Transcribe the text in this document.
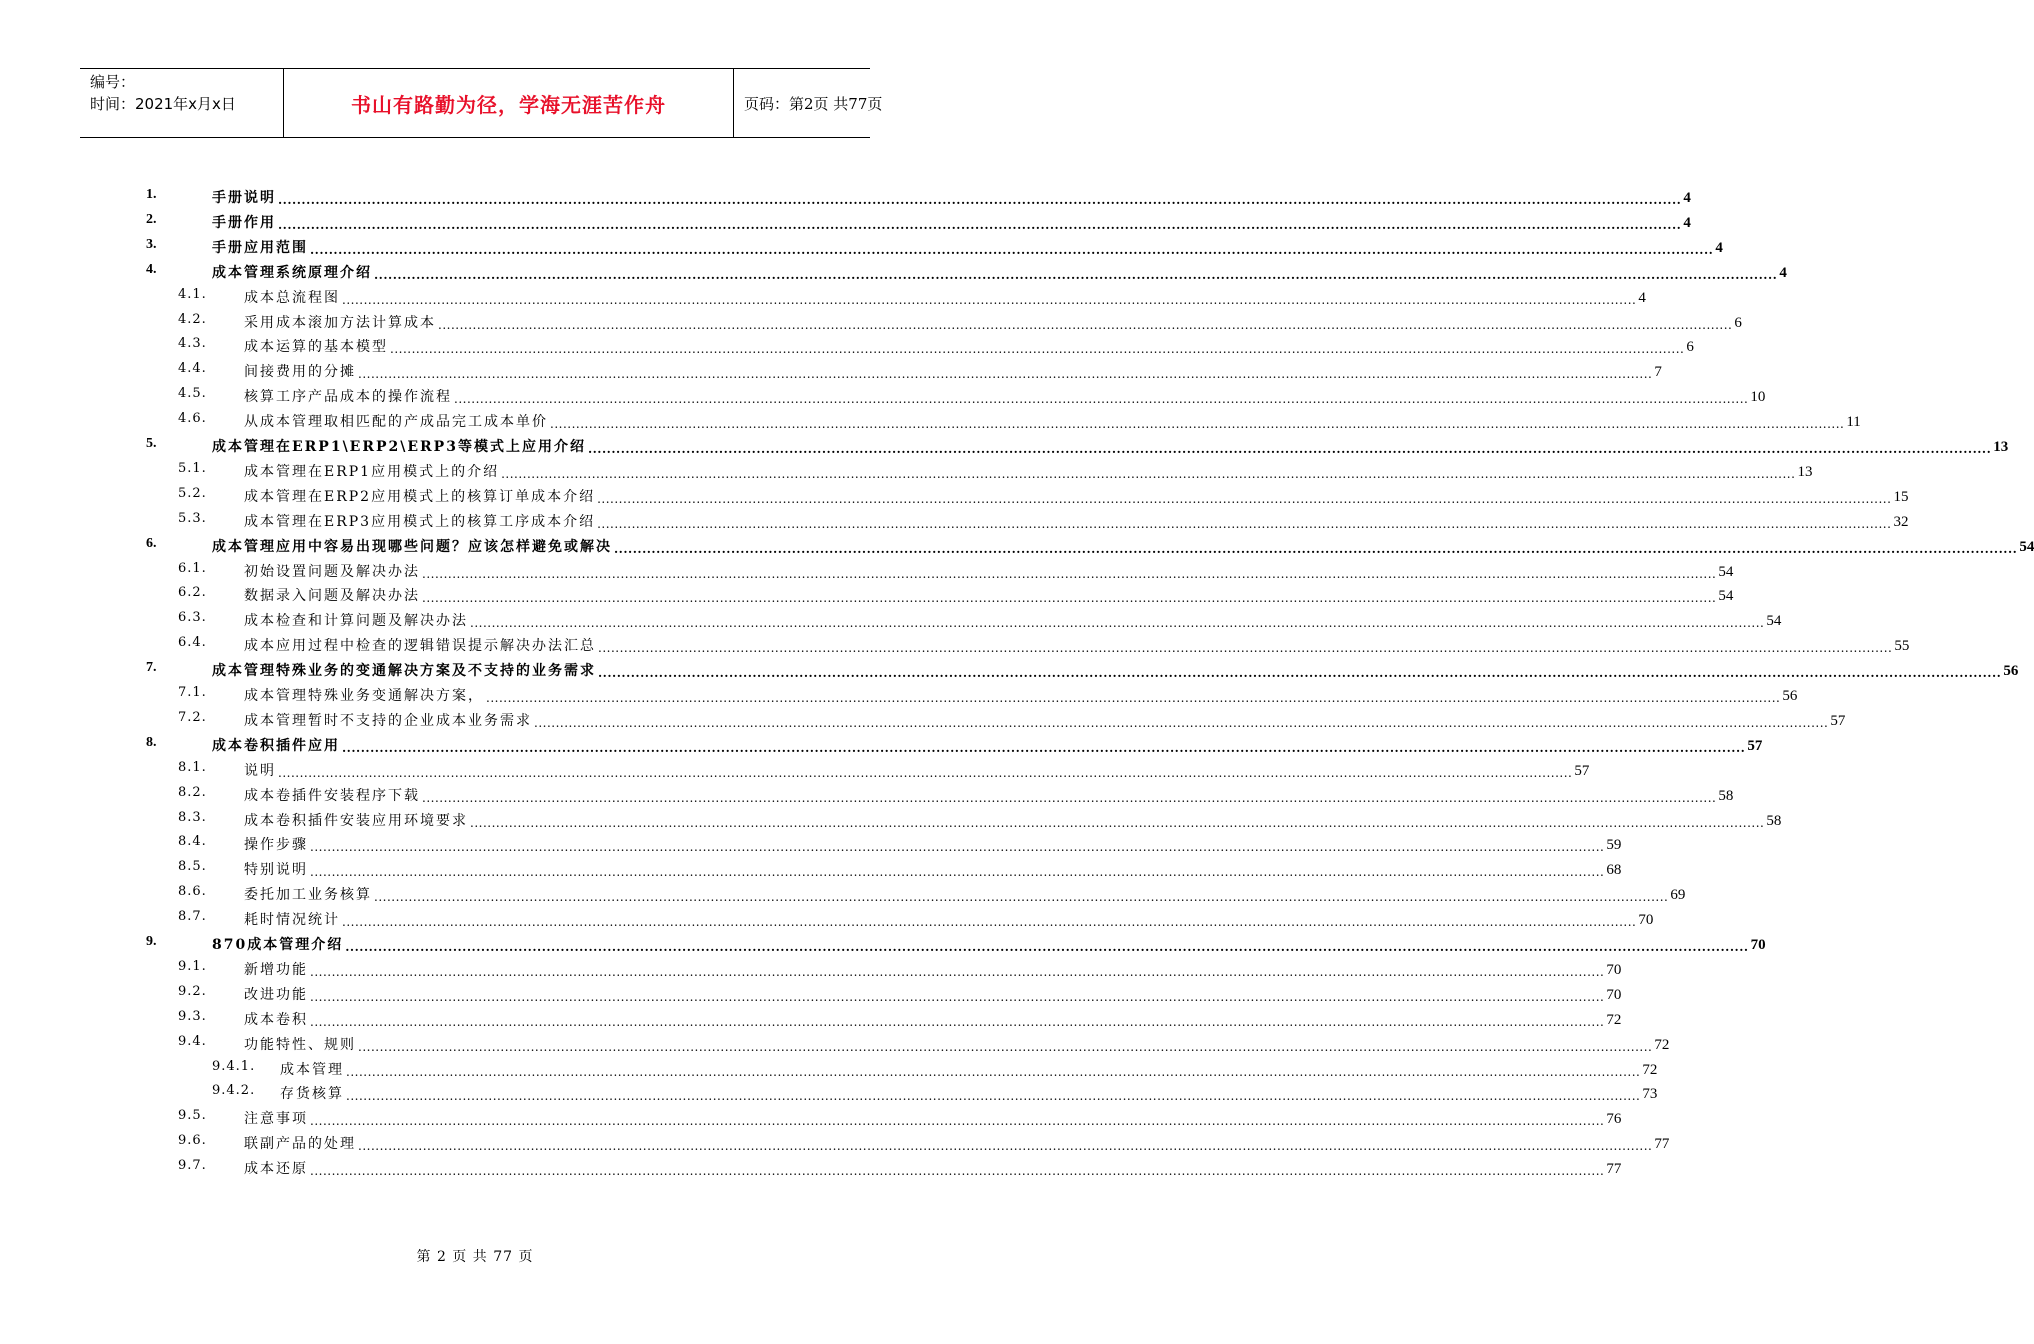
编号：
时间：2021年x月x日	书山有路勤为径，学海无涯苦作舟	页码：第2页 共77页
1.	手册说明 ............................................................................................................................................................................................................................................................................................................ 4
2.	手册作用 ............................................................................................................................................................................................................................................................................................................ 4
3.	手册应用范围 ............................................................................................................................................................................................................................................................................................................ 4
4.	成本管理系统原理介绍 ............................................................................................................................................................................................................................................................................................................ 4
4.1.	成本总流程图 ............................................................................................................................................................................................................................................................................................................ 4
4.2.	采用成本滚加方法计算成本 ............................................................................................................................................................................................................................................................................................................ 6
4.3.	成本运算的基本模型 ............................................................................................................................................................................................................................................................................................................ 6
4.4.	间接费用的分摊 ............................................................................................................................................................................................................................................................................................................ 7
4.5.	核算工序产品成本的操作流程 ............................................................................................................................................................................................................................................................................................................ 10
4.6.	从成本管理取相匹配的产成品完工成本单价 ............................................................................................................................................................................................................................................................................................................ 11
5.	成本管理在ERP1\ERP2\ERP3等模式上应用介绍 ............................................................................................................................................................................................................................................................................................................ 13
5.1.	成本管理在ERP1应用模式上的介绍 ............................................................................................................................................................................................................................................................................................................ 13
5.2.	成本管理在ERP2应用模式上的核算订单成本介绍 ............................................................................................................................................................................................................................................................................................................ 15
5.3.	成本管理在ERP3应用模式上的核算工序成本介绍 ............................................................................................................................................................................................................................................................................................................ 32
6.	成本管理应用中容易出现哪些问题？应该怎样避免或解决 ............................................................................................................................................................................................................................................................................................................ 54
6.1.	初始设置问题及解决办法 ............................................................................................................................................................................................................................................................................................................ 54
6.2.	数据录入问题及解决办法 ............................................................................................................................................................................................................................................................................................................ 54
6.3.	成本检查和计算问题及解决办法 ............................................................................................................................................................................................................................................................................................................ 54
6.4.	成本应用过程中检查的逻辑错误提示解决办法汇总 ............................................................................................................................................................................................................................................................................................................ 55
7.	成本管理特殊业务的变通解决方案及不支持的业务需求 ............................................................................................................................................................................................................................................................................................................ 56
7.1.	成本管理特殊业务变通解决方案， ............................................................................................................................................................................................................................................................................................................ 56
7.2.	成本管理暂时不支持的企业成本业务需求 ............................................................................................................................................................................................................................................................................................................ 57
8.	成本卷积插件应用 ............................................................................................................................................................................................................................................................................................................ 57
8.1.	说明 ............................................................................................................................................................................................................................................................................................................ 57
8.2.	成本卷插件安装程序下载 ............................................................................................................................................................................................................................................................................................................ 58
8.3.	成本卷积插件安装应用环境要求 ............................................................................................................................................................................................................................................................................................................ 58
8.4.	操作步骤 ............................................................................................................................................................................................................................................................................................................ 59
8.5.	特别说明 ............................................................................................................................................................................................................................................................................................................ 68
8.6.	委托加工业务核算 ............................................................................................................................................................................................................................................................................................................ 69
8.7.	耗时情况统计 ............................................................................................................................................................................................................................................................................................................ 70
9.	870成本管理介绍 ............................................................................................................................................................................................................................................................................................................ 70
9.1.	新增功能 ............................................................................................................................................................................................................................................................................................................ 70
9.2.	改进功能 ............................................................................................................................................................................................................................................................................................................ 70
9.3.	成本卷积 ............................................................................................................................................................................................................................................................................................................ 72
9.4.	功能特性、规则 ............................................................................................................................................................................................................................................................................................................ 72
9.4.1. 成本管理 ............................................................................................................................................................................................................................................................................................................ 72
9.4.2. 存货核算 ............................................................................................................................................................................................................................................................................................................ 73
9.5.	注意事项 ............................................................................................................................................................................................................................................................................................................ 76
9.6.	联副产品的处理 ............................................................................................................................................................................................................................................................................................................ 77
9.7.	成本还原 ............................................................................................................................................................................................................................................................................................................ 77
第 2 页 共 77 页
